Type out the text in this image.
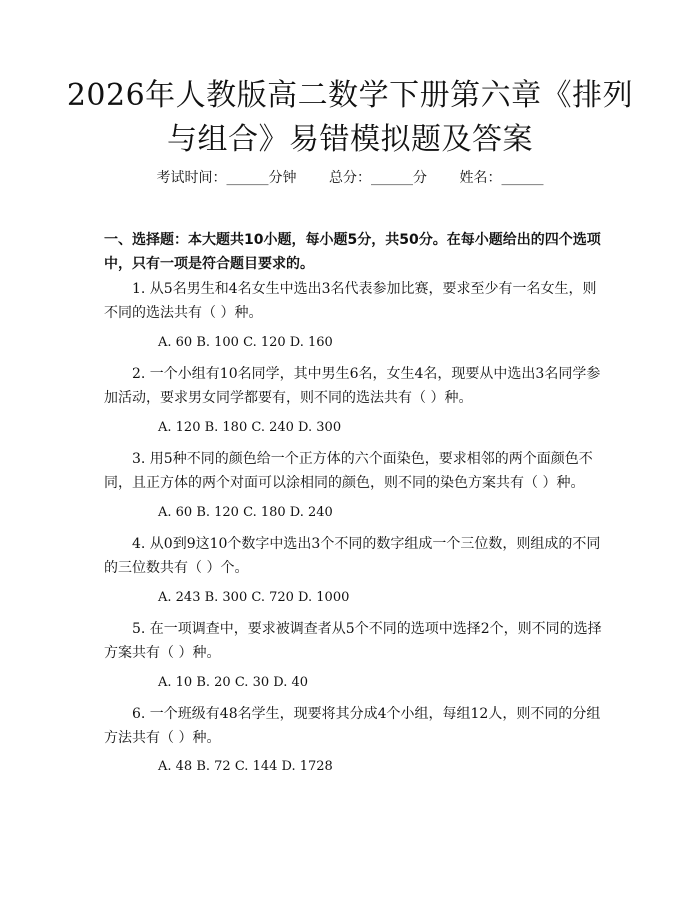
2026年人教版高二数学下册第六章《排列与组合》易错模拟题及答案
考试时间：______分钟 总分：______分 姓名：______
一、选择题：本大题共10小题，每小题5分，共50分。在每小题给出的四个选项中，只有一项是符合题目要求的。
1. 从5名男生和4名女生中选出3名代表参加比赛，要求至少有一名女生，则不同的选法共有（ ）种。
A. 60 B. 100 C. 120 D. 160
2. 一个小组有10名同学，其中男生6名，女生4名，现要从中选出3名同学参加活动，要求男女同学都要有，则不同的选法共有（ ）种。
A. 120 B. 180 C. 240 D. 300
3. 用5种不同的颜色给一个正方体的六个面染色，要求相邻的两个面颜色不同，且正方体的两个对面可以涂相同的颜色，则不同的染色方案共有（ ）种。
A. 60 B. 120 C. 180 D. 240
4. 从0到9这10个数字中选出3个不同的数字组成一个三位数，则组成的不同的三位数共有（ ）个。
A. 243 B. 300 C. 720 D. 1000
5. 在一项调查中，要求被调查者从5个不同的选项中选择2个，则不同的选择方案共有（ ）种。
A. 10 B. 20 C. 30 D. 40
6. 一个班级有48名学生，现要将其分成4个小组，每组12人，则不同的分组方法共有（ ）种。
A. 48 B. 72 C. 144 D. 1728
